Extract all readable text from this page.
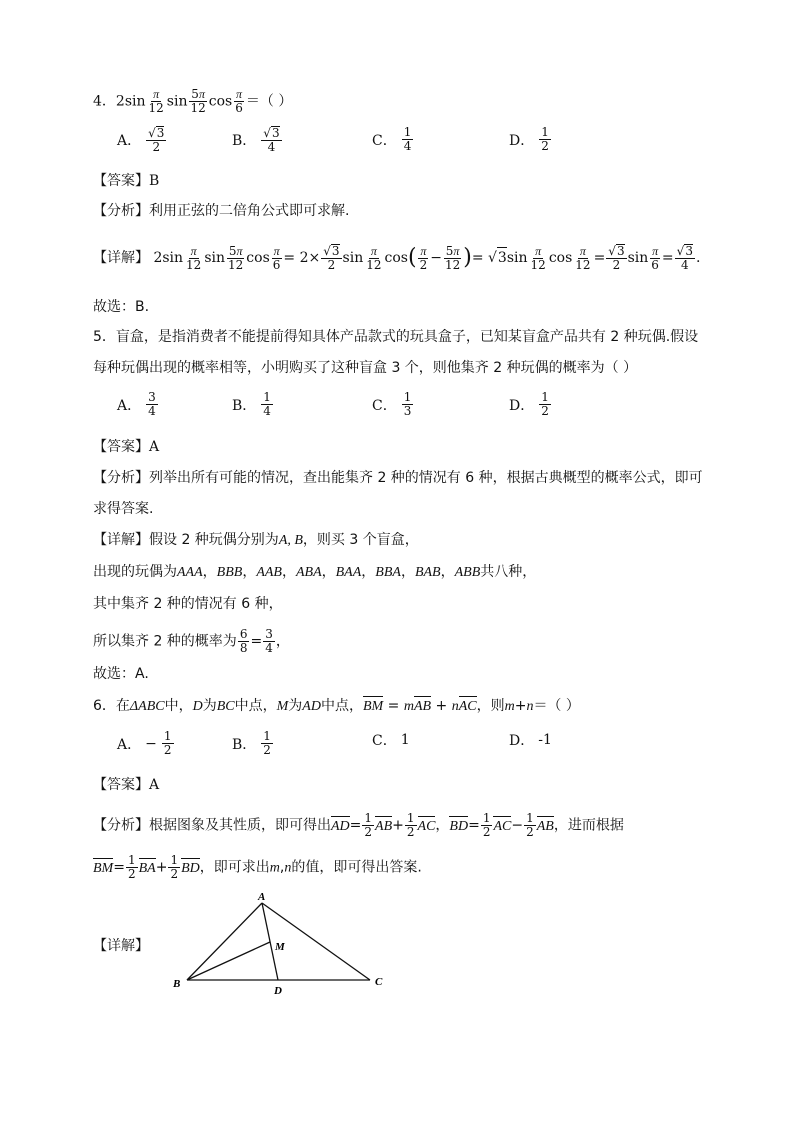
4．$2\sin \frac{\pi}{12}$ $\sin \frac{5\pi}{12}$ $\cos \frac{\pi}{6}$ ＝（ ）
A． $\frac{√3}{2}$	B． $\frac{√3}{4}$	C． $\frac{1}{4}$	D． $\frac{1}{2}$
【答案】B
【分析】利用正弦的二倍角公式即可求解.
【详解】 $2\sin \frac{\pi}{12}$ $\sin \frac{5\pi}{12}$ $\cos \frac{\pi}{6} = 2\times \frac{√3}{2}$ $\sin \frac{\pi}{12} \cos( \frac{\pi}{2} - \frac{5\pi}{12}$ )= $√3\sin \frac{\pi}{12}$ $\cos \frac{\pi}{12} = \frac{√3}{2}$ $\sin \frac{\pi}{6} = \frac{√3}{4}$ .
故选：B.
5．盲盒，是指消费者不能提前得知具体产品款式的玩具盒子，已知某盲盒产品共有 2 种玩偶.假设
每种玩偶出现的概率相等，小明购买了这种盲盒 3 个，则他集齐 2 种玩偶的概率为（ ）
A． $\frac{3}{4}$	B． $\frac{1}{4}$	C． $\frac{1}{3}$	D． $\frac{1}{2}$
【答案】A
【分析】列举出所有可能的情况，查出能集齐 2 种的情况有 6 种，根据古典概型的概率公式，即可
求得答案.
【详解】假设 2 种玩偶分别为A, B，则买 3 个盲盒，
出现的玩偶为AAA，BBB，AAB，ABA，BAA，BBA，BAB，ABB共八种，
其中集齐 2 种的情况有 6 种，
所以集齐 2 种的概率为 $\frac{6}{8} = \frac{3}{4}$ ，
故选：A.
6．在ΔABC中，D为BC中点，M为AD中点，BM = mAB + nAC，则m+n＝（ ）
A． − $\frac{1}{2}$	B． $\frac{1}{2}$	C． 1	D． -1
【答案】A
【分析】根据图象及其性质，即可得出$AD= \frac{1}{2} AB+ \frac{1}{2}$ AC，$BD= \frac{1}{2} AC- \frac{1}{2}$ AB，进而根据
$BM= \frac{1}{2} BA+ \frac{1}{2}$ BD，即可求出m,n的值，即可得出答案.
【详解】
A
B	C
D
M
